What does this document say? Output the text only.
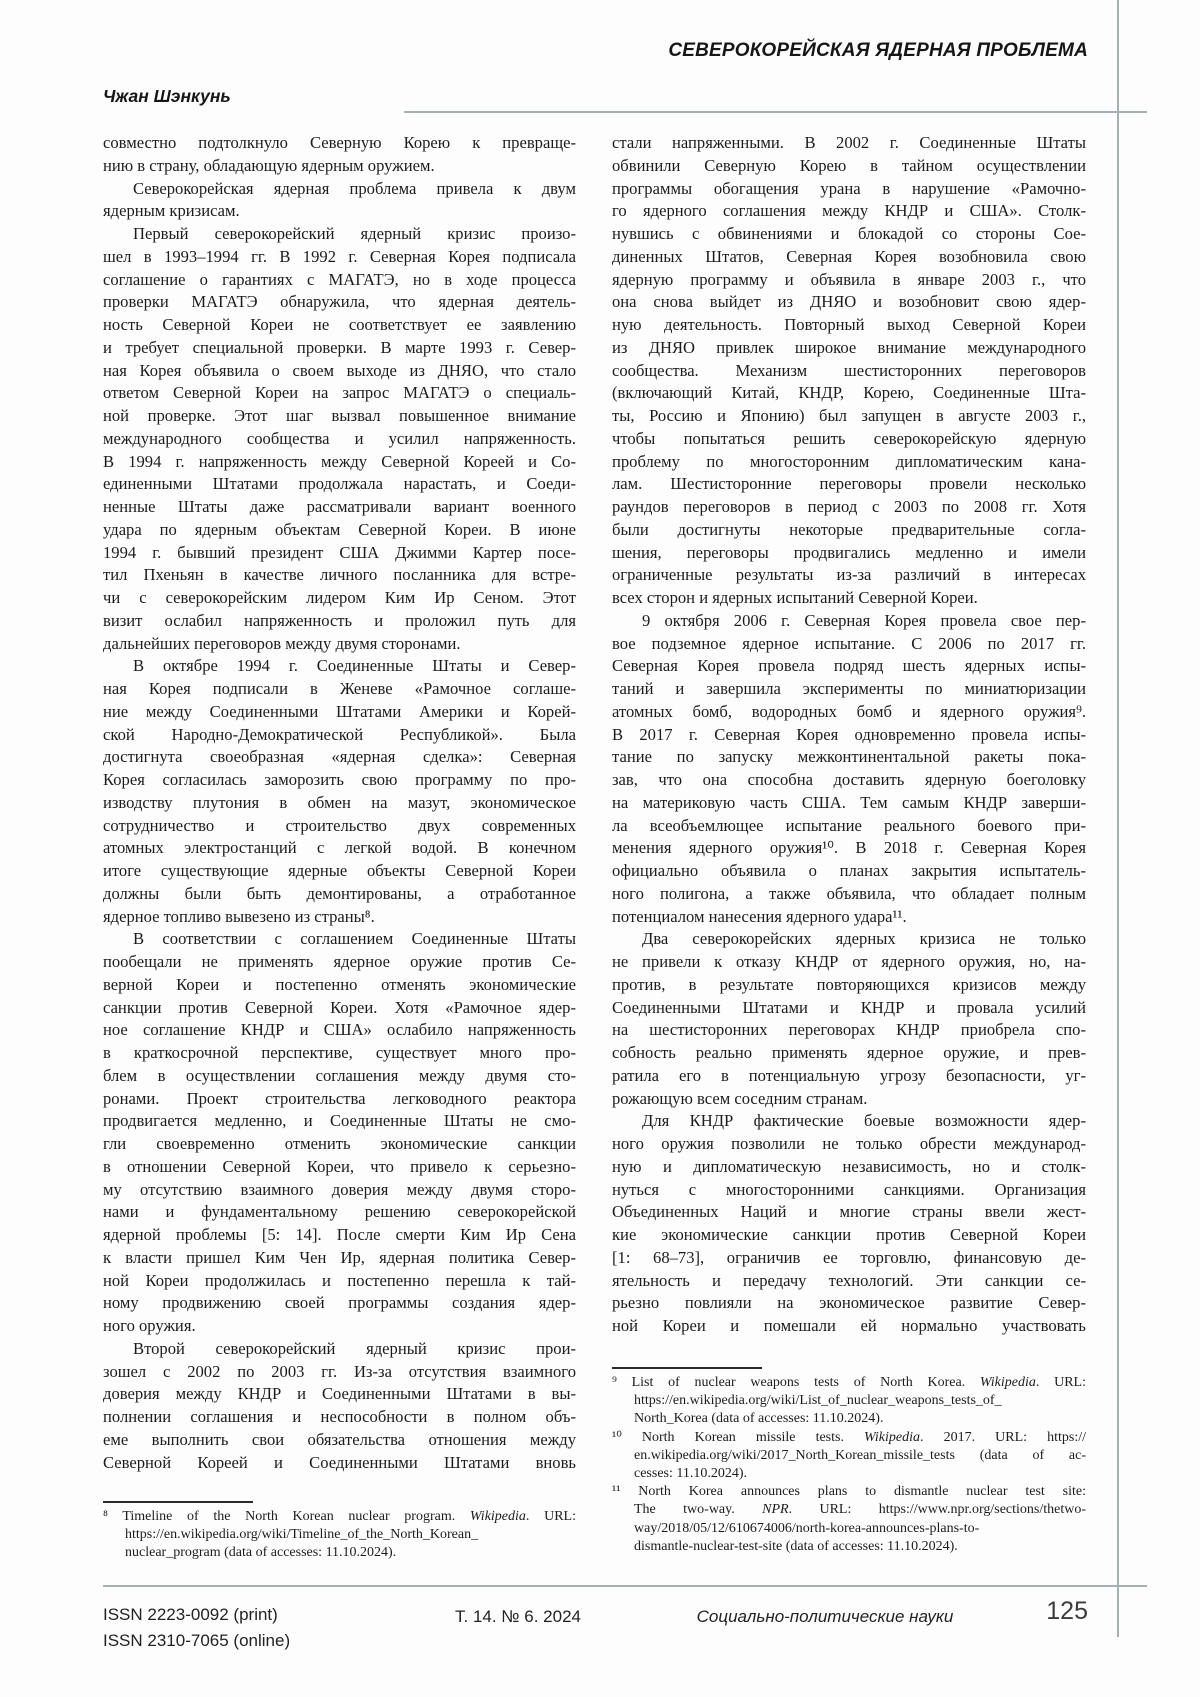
СЕВЕРОКОРЕЙСКАЯ ЯДЕРНАЯ ПРОБЛЕМА
Чжан Шэнкунь
совместно подтолкнуло Северную Корею к превраще-
нию в страну, обладающую ядерным оружием.
Северокорейская ядерная проблема привела к двум
ядерным кризисам.
Первый северокорейский ядерный кризис произо-
шел в 1993–1994 гг. В 1992 г. Северная Корея подписала
соглашение о гарантиях с МАГАТЭ, но в ходе процесса
проверки МАГАТЭ обнаружила, что ядерная деятель-
ность Северной Кореи не соответствует ее заявлению
и требует специальной проверки. В марте 1993 г. Север-
ная Корея объявила о своем выходе из ДНЯО, что стало
ответом Северной Кореи на запрос МАГАТЭ о специаль-
ной проверке. Этот шаг вызвал повышенное внимание
международного сообщества и усилил напряженность.
В 1994 г. напряженность между Северной Кореей и Со-
единенными Штатами продолжала нарастать, и Соеди-
ненные Штаты даже рассматривали вариант военного
удара по ядерным объектам Северной Кореи. В июне
1994 г. бывший президент США Джимми Картер посе-
тил Пхеньян в качестве личного посланника для встре-
чи с северокорейским лидером Ким Ир Сеном. Этот
визит ослабил напряженность и проложил путь для
дальнейших переговоров между двумя сторонами.
В октябре 1994 г. Соединенные Штаты и Север-
ная Корея подписали в Женеве «Рамочное соглаше-
ние между Соединенными Штатами Америки и Корей-
ской Народно-Демократической Республикой». Была
достигнута своеобразная «ядерная сделка»: Северная
Корея согласилась заморозить свою программу по про-
изводству плутония в обмен на мазут, экономическое
сотрудничество и строительство двух современных
атомных электростанций с легкой водой. В конечном
итоге существующие ядерные объекты Северной Кореи
должны были быть демонтированы, а отработанное
ядерное топливо вывезено из страны⁸.
В соответствии с соглашением Соединенные Штаты
пообещали не применять ядерное оружие против Се-
верной Кореи и постепенно отменять экономические
санкции против Северной Кореи. Хотя «Рамочное ядер-
ное соглашение КНДР и США» ослабило напряженность
в краткосрочной перспективе, существует много про-
блем в осуществлении соглашения между двумя сто-
ронами. Проект строительства легководного реактора
продвигается медленно, и Соединенные Штаты не смо-
гли своевременно отменить экономические санкции
в отношении Северной Кореи, что привело к серьезно-
му отсутствию взаимного доверия между двумя сторо-
нами и фундаментальному решению северокорейской
ядерной проблемы [5: 14]. После смерти Ким Ир Сена
к власти пришел Ким Чен Ир, ядерная политика Север-
ной Кореи продолжилась и постепенно перешла к тай-
ному продвижению своей программы создания ядер-
ного оружия.
Второй северокорейский ядерный кризис прои-
зошел с 2002 по 2003 гг. Из-за отсутствия взаимного
доверия между КНДР и Соединенными Штатами в вы-
полнении соглашения и неспособности в полном объ-
еме выполнить свои обязательства отношения между
Северной Кореей и Соединенными Штатами вновь
стали напряженными. В 2002 г. Соединенные Штаты
обвинили Северную Корею в тайном осуществлении
программы обогащения урана в нарушение «Рамочно-
го ядерного соглашения между КНДР и США». Столк-
нувшись с обвинениями и блокадой со стороны Сое-
диненных Штатов, Северная Корея возобновила свою
ядерную программу и объявила в январе 2003 г., что
она снова выйдет из ДНЯО и возобновит свою ядер-
ную деятельность. Повторный выход Северной Кореи
из ДНЯО привлек широкое внимание международного
сообщества. Механизм шестисторонних переговоров
(включающий Китай, КНДР, Корею, Соединенные Шта-
ты, Россию и Японию) был запущен в августе 2003 г.,
чтобы попытаться решить северокорейскую ядерную
проблему по многосторонним дипломатическим кана-
лам. Шестисторонние переговоры провели несколько
раундов переговоров в период с 2003 по 2008 гг. Хотя
были достигнуты некоторые предварительные согла-
шения, переговоры продвигались медленно и имели
ограниченные результаты из-за различий в интересах
всех сторон и ядерных испытаний Северной Кореи.
9 октября 2006 г. Северная Корея провела свое пер-
вое подземное ядерное испытание. С 2006 по 2017 гг.
Северная Корея провела подряд шесть ядерных испы-
таний и завершила эксперименты по миниатюризации
атомных бомб, водородных бомб и ядерного оружия⁹.
В 2017 г. Северная Корея одновременно провела испы-
тание по запуску межконтинентальной ракеты пока-
зав, что она способна доставить ядерную боеголовку
на материковую часть США. Тем самым КНДР заверши-
ла всеобъемлющее испытание реального боевого при-
менения ядерного оружия¹⁰. В 2018 г. Северная Корея
официально объявила о планах закрытия испытатель-
ного полигона, а также объявила, что обладает полным
потенциалом нанесения ядерного удара¹¹.
Два северокорейских ядерных кризиса не только
не привели к отказу КНДР от ядерного оружия, но, на-
против, в результате повторяющихся кризисов между
Соединенными Штатами и КНДР и провала усилий
на шестисторонних переговорах КНДР приобрела спо-
собность реально применять ядерное оружие, и прев-
ратила его в потенциальную угрозу безопасности, уг-
рожающую всем соседним странам.
Для КНДР фактические боевые возможности ядер-
ного оружия позволили не только обрести международ-
ную и дипломатическую независимость, но и столк-
нуться с многосторонними санкциями. Организация
Объединенных Наций и многие страны ввели жест-
кие экономические санкции против Северной Кореи
[1: 68–73], ограничив ее торговлю, финансовую де-
ятельность и передачу технологий. Эти санкции се-
рьезно повлияли на экономическое развитие Север-
ной Кореи и помешали ей нормально участвовать
⁸ Timeline of the North Korean nuclear program. Wikipedia. URL:
https://en.wikipedia.org/wiki/Timeline_of_the_North_Korean_
nuclear_program (data of accesses: 11.10.2024).
⁹ List of nuclear weapons tests of North Korea. Wikipedia. URL:
https://en.wikipedia.org/wiki/List_of_nuclear_weapons_tests_of_
North_Korea (data of accesses: 11.10.2024).
¹⁰ North Korean missile tests. Wikipedia. 2017. URL: https://
en.wikipedia.org/wiki/2017_North_Korean_missile_tests (data of ac-
cesses: 11.10.2024).
¹¹ North Korea announces plans to dismantle nuclear test site:
The two-way. NPR. URL: https://www.npr.org/sections/thetwo-
way/2018/05/12/610674006/north-korea-announces-plans-to-
dismantle-nuclear-test-site (data of accesses: 11.10.2024).
ISSN 2223-0092 (print)
ISSN 2310-7065 (online)
Т. 14. № 6. 2024	Социально-политические науки	125
